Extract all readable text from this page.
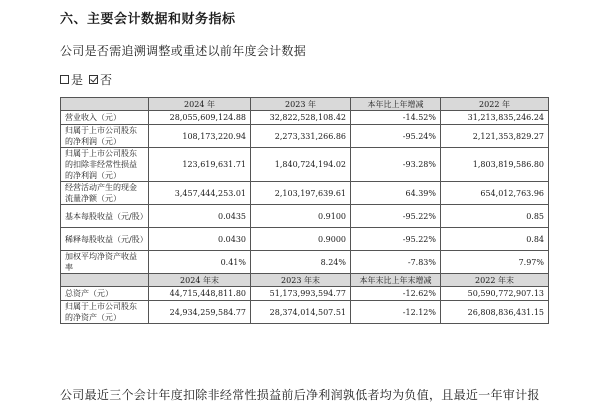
六、主要会计数据和财务指标
公司是否需追溯调整或重述以前年度会计数据
是 否
	2024 年	2023 年	本年比上年增减	2022 年
营业收入（元）	28,055,609,124.88	32,822,528,108.42	-14.52%	31,213,835,246.24
归属于上市公司股东的净利润（元）	108,173,220.94	2,273,331,266.86	-95.24%	2,121,353,829.27
归属于上市公司股东的扣除非经常性损益的净利润（元）	123,619,631.71	1,840,724,194.02	-93.28%	1,803,819,586.80
经营活动产生的现金流量净额（元）	3,457,444,253.01	2,103,197,639.61	64.39%	654,012,763.96
基本每股收益（元/股）	0.0435	0.9100	-95.22%	0.85
稀释每股收益（元/股）	0.0430	0.9000	-95.22%	0.84
加权平均净资产收益率	0.41%	8.24%	-7.83%	7.97%
	2024 年末	2023 年末	本年末比上年末增减	2022 年末
总资产（元）	44,715,448,811.80	51,173,993,594.77	-12.62%	50,590,772,907.13
归属于上市公司股东的净资产（元）	24,934,259,584.77	28,374,014,507.51	-12.12%	26,808,836,431.15
公司最近三个会计年度扣除非经常性损益前后净利润孰低者均为负值，且最近一年审计报
